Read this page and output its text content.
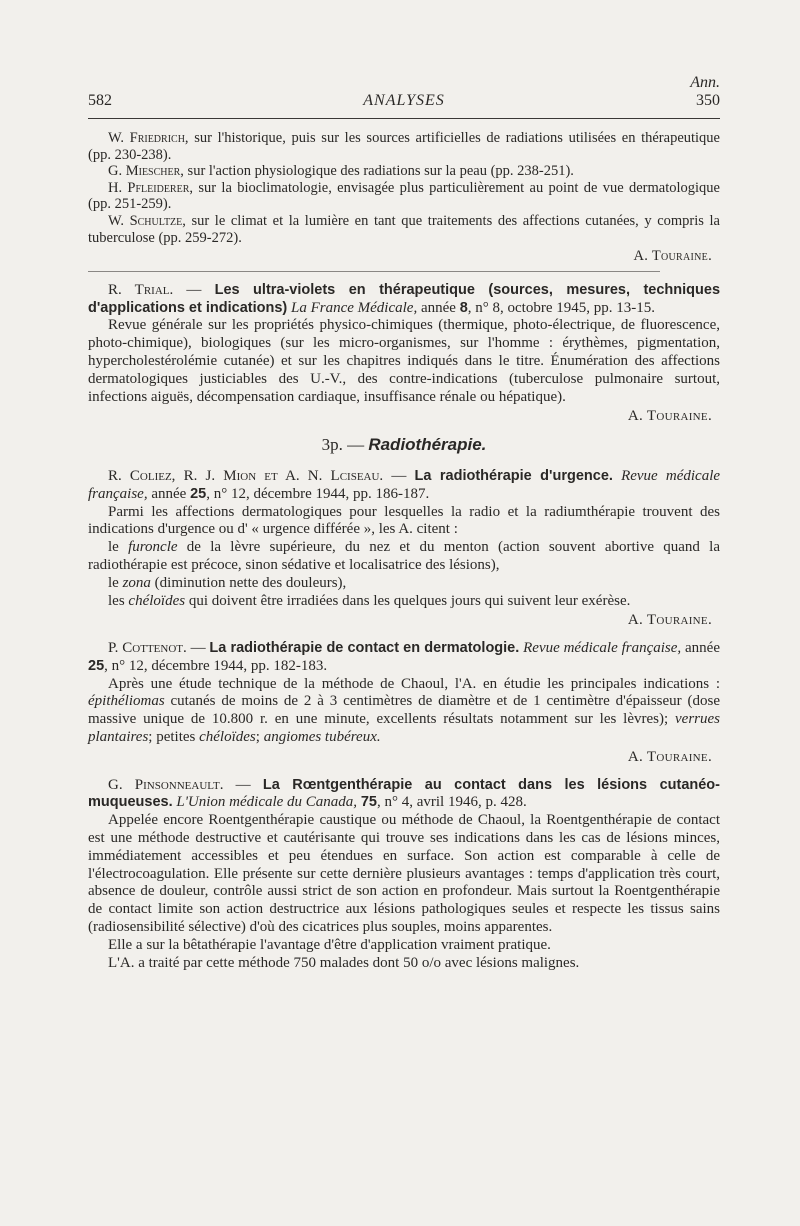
582	ANALYSES
Ann.
350

W. Friedrich, sur l'historique, puis sur les sources artificielles de radiations utilisées en thérapeutique (pp. 230-238).

G. Miescher, sur l'action physiologique des radiations sur la peau (pp. 238-251).

H. Pfleiderer, sur la bioclimatologie, envisagée plus particulièrement au point de vue dermatologique (pp. 251-259).

W. Schultze, sur le climat et la lumière en tant que traitements des affections cutanées, y compris la tuberculose (pp. 259-272).

A. Touraine.

R. Trial. — Les ultra-violets en thérapeutique (sources, mesures, techniques d'applications et indications) La France Médicale, année 8, n° 8, octobre 1945, pp. 13-15.

Revue générale sur les propriétés physico-chimiques (thermique, photo-électrique, de fluorescence, photo-chimique), biologiques (sur les micro-organismes, sur l'homme : érythèmes, pigmentation, hypercholestérolémie cutanée) et sur les chapitres indiqués dans le titre. Énumération des affections dermatologiques justiciables des U.-V., des contre-indications (tuberculose pulmonaire surtout, infections aiguës, décompensation cardiaque, insuffisance rénale ou hépatique).

A. Touraine.

3p. — Radiothérapie.

R. Coliez, R. J. Mion et A. N. Lciseau. — La radiothérapie d'urgence. Revue médicale française, année 25, n° 12, décembre 1944, pp. 186-187.

Parmi les affections dermatologiques pour lesquelles la radio et la radiumthérapie trouvent des indications d'urgence ou d' « urgence différée », les A. citent :

le furoncle de la lèvre supérieure, du nez et du menton (action souvent abortive quand la radiothérapie est précoce, sinon sédative et localisatrice des lésions),

le zona (diminution nette des douleurs),

les chéloïdes qui doivent être irradiées dans les quelques jours qui suivent leur exérèse.

A. Touraine.

P. Cottenot. — La radiothérapie de contact en dermatologie. Revue médicale française, année 25, n° 12, décembre 1944, pp. 182-183.

Après une étude technique de la méthode de Chaoul, l'A. en étudie les principales indications : épithéliomas cutanés de moins de 2 à 3 centimètres de diamètre et de 1 centimètre d'épaisseur (dose massive unique de 10.800 r. en une minute, excellents résultats notamment sur les lèvres); verrues plantaires; petites chéloïdes; angiomes tubéreux.

A. Touraine.

G. Pinsonneault. — La Rœntgenthérapie au contact dans les lésions cutanéo-muqueuses. L'Union médicale du Canada, 75, n° 4, avril 1946, p. 428.

Appelée encore Roentgenthérapie caustique ou méthode de Chaoul, la Roentgenthérapie de contact est une méthode destructive et cautérisante qui trouve ses indications dans les cas de lésions minces, immédiatement accessibles et peu étendues en surface. Son action est comparable à celle de l'électrocoagulation. Elle présente sur cette dernière plusieurs avantages : temps d'application très court, absence de douleur, contrôle aussi strict de son action en profondeur. Mais surtout la Roentgenthérapie de contact limite son action destructrice aux lésions pathologiques seules et respecte les tissus sains (radiosensibilité sélective) d'où des cicatrices plus souples, moins apparentes.

Elle a sur la bêtathérapie l'avantage d'être d'application vraiment pratique.

L'A. a traité par cette méthode 750 malades dont 50 o/o avec lésions malignes.
